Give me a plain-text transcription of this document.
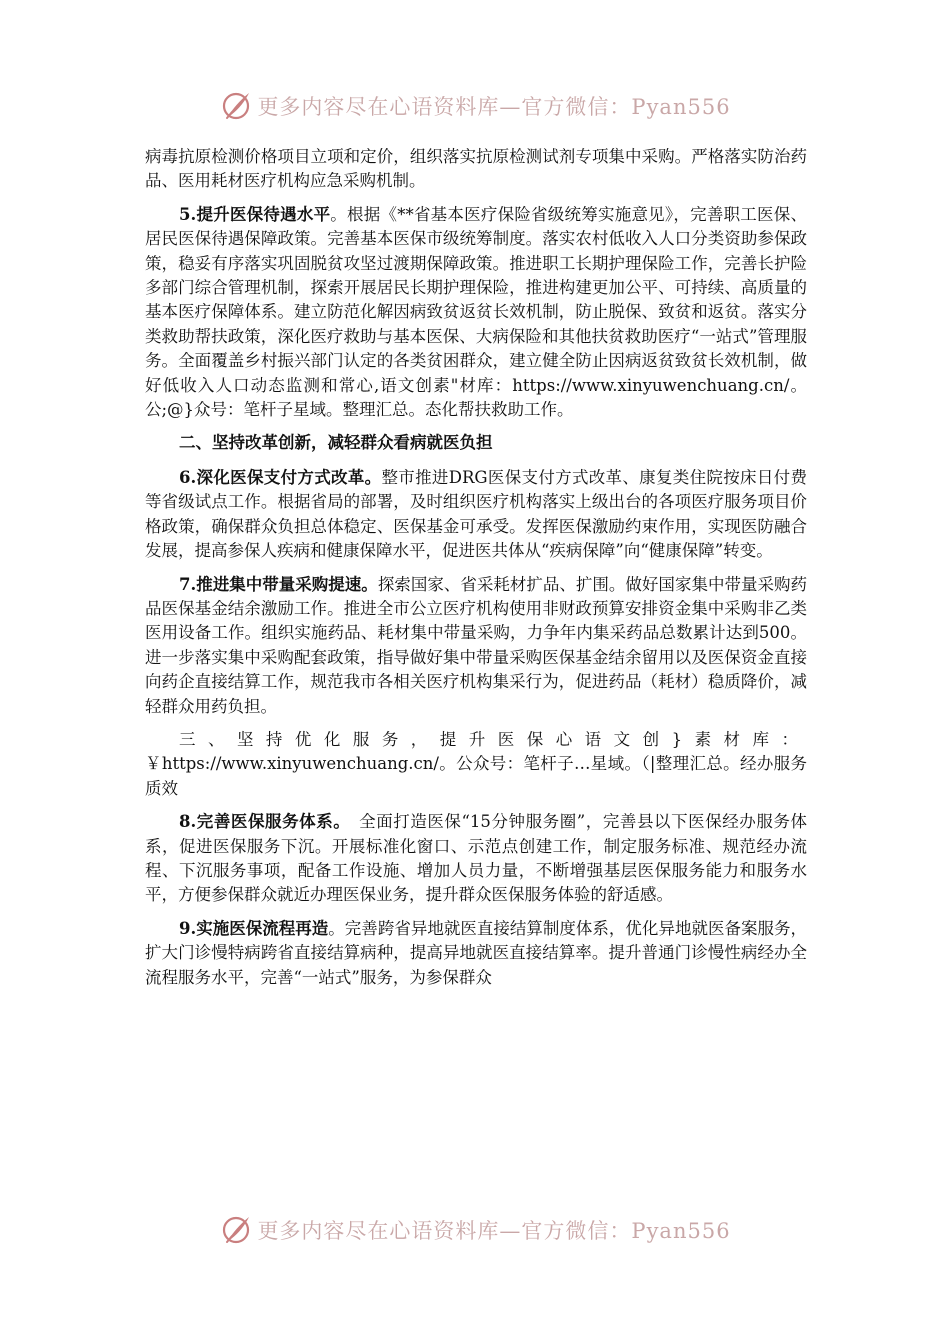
更多内容尽在心语资料库—官方微信：Pyan556

病毒抗原检测价格项目立项和定价，组织落实抗原检测试剂专项集中采购。严格落实防治药品、医用耗材医疗机构应急采购机制。

5.提升医保待遇水平。根据《**省基本医疗保险省级统筹实施意见》，完善职工医保、居民医保待遇保障政策。完善基本医保市级统筹制度。落实农村低收入人口分类资助参保政策，稳妥有序落实巩固脱贫攻坚过渡期保障政策。推进职工长期护理保险工作，完善长护险多部门综合管理机制，探索开展居民长期护理保险，推进构建更加公平、可持续、高质量的基本医疗保障体系。建立防范化解因病致贫返贫长效机制，防止脱保、致贫和返贫。落实分类救助帮扶政策，深化医疗救助与基本医保、大病保险和其他扶贫救助医疗“一站式”管理服务。全面覆盖乡村振兴部门认定的各类贫困群众，建立健全防止因病返贫致贫长效机制，做好低收入人口动态监测和常心,语文创素"材库：https://www.xinyuwenchuang.cn/。公;@}众号：笔杆子星域。整理汇总。态化帮扶救助工作。

二、坚持改革创新，减轻群众看病就医负担

6.深化医保支付方式改革。整市推进DRG医保支付方式改革、康复类住院按床日付费等省级试点工作。根据省局的部署，及时组织医疗机构落实上级出台的各项医疗服务项目价格政策，确保群众负担总体稳定、医保基金可承受。发挥医保激励约束作用，实现医防融合发展，提高参保人疾病和健康保障水平，促进医共体从“疾病保障”向“健康保障”转变。

7.推进集中带量采购提速。探索国家、省采耗材扩品、扩围。做好国家集中带量采购药品医保基金结余激励工作。推进全市公立医疗机构使用非财政预算安排资金集中采购非乙类医用设备工作。组织实施药品、耗材集中带量采购，力争年内集采药品总数累计达到500。进一步落实集中采购配套政策，指导做好集中带量采购医保基金结余留用以及医保资金直接向药企直接结算工作，规范我市各相关医疗机构集采行为，促进药品（耗材）稳质降价，减轻群众用药负担。

三、坚持优化服务，提升医保心语文创}素材库：￥https://www.xinyuwenchuang.cn/。公众号：笔杆子…星域。（|整理汇总。经办服务质效

8.完善医保服务体系。　全面打造医保“15分钟服务圈”，完善县以下医保经办服务体系，促进医保服务下沉。开展标准化窗口、示范点创建工作，制定服务标准、规范经办流程、下沉服务事项，配备工作设施、增加人员力量，不断增强基层医保服务能力和服务水平，方便参保群众就近办理医保业务，提升群众医保服务体验的舒适感。

9.实施医保流程再造。完善跨省异地就医直接结算制度体系，优化异地就医备案服务，扩大门诊慢特病跨省直接结算病种，提高异地就医直接结算率。提升普通门诊慢性病经办全流程服务水平，完善“一站式”服务，为参保群众

更多内容尽在心语资料库—官方微信：Pyan556
